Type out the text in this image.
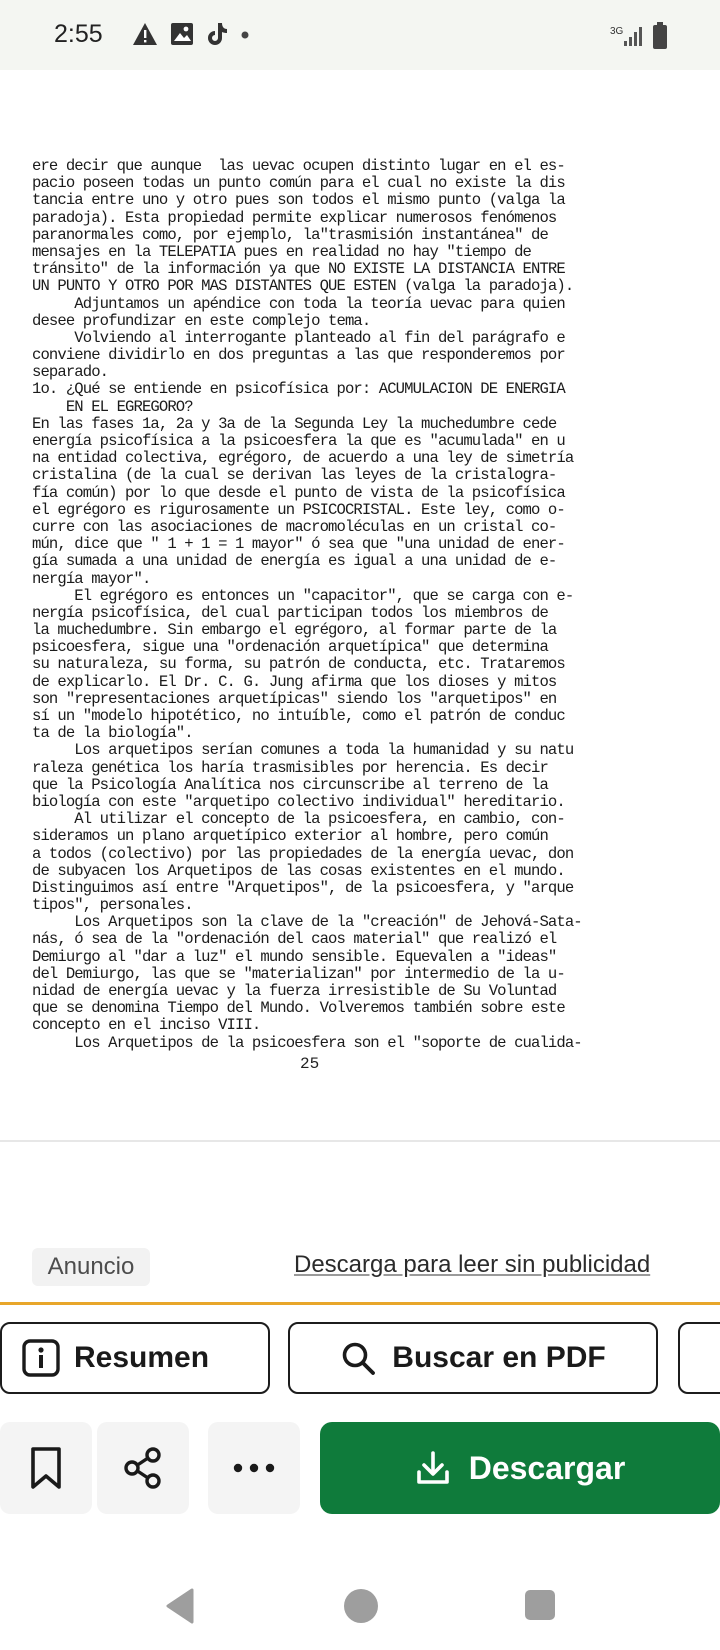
2:55	3G
ere decir que aunque  las uevac ocupen distinto lugar en el es-
pacio poseen todas un punto común para el cual no existe la dis
tancia entre uno y otro pues son todos el mismo punto (valga la
paradoja). Esta propiedad permite explicar numerosos fenómenos
paranormales como, por ejemplo, la"trasmisión instantánea" de
mensajes en la TELEPATIA pues en realidad no hay "tiempo de
tránsito" de la información ya que NO EXISTE LA DISTANCIA ENTRE
UN PUNTO Y OTRO POR MAS DISTANTES QUE ESTEN (valga la paradoja).
Adjuntamos un apéndice con toda la teoría uevac para quien
desee profundizar en este complejo tema.
Volviendo al interrogante planteado al fin del parágrafo e
conviene dividirlo en dos preguntas a las que responderemos por
separado.
1o. ¿Qué se entiende en psicofísica por: ACUMULACION DE ENERGIA
EN EL EGREGORO?
En las fases 1a, 2a y 3a de la Segunda Ley la muchedumbre cede
energía psicofísica a la psicoesfera la que es "acumulada" en u
na entidad colectiva, egrégoro, de acuerdo a una ley de simetría
cristalina (de la cual se derivan las leyes de la cristalogra-
fía común) por lo que desde el punto de vista de la psicofísica
el egrégoro es rigurosamente un PSICOCRISTAL. Este ley, como o-
curre con las asociaciones de macromoléculas en un cristal co-
mún, dice que " 1 + 1 = 1 mayor" ó sea que "una unidad de ener-
gía sumada a una unidad de energía es igual a una unidad de e-
nergía mayor".
El egrégoro es entonces un "capacitor", que se carga con e-
nergía psicofísica, del cual participan todos los miembros de
la muchedumbre. Sin embargo el egrégoro, al formar parte de la
psicoesfera, sigue una "ordenación arquetípica" que determina
su naturaleza, su forma, su patrón de conducta, etc. Trataremos
de explicarlo. El Dr. C. G. Jung afirma que los dioses y mitos
son "representaciones arquetípicas" siendo los "arquetipos" en
sí un "modelo hipotético, no intuíble, como el patrón de conduc
ta de la biología".
Los arquetipos serían comunes a toda la humanidad y su natu
raleza genética los haría trasmisibles por herencia. Es decir
que la Psicología Analítica nos circunscribe al terreno de la
biología con este "arquetipo colectivo individual" hereditario.
Al utilizar el concepto de la psicoesfera, en cambio, con-
sideramos un plano arquetípico exterior al hombre, pero común
a todos (colectivo) por las propiedades de la energía uevac, don
de subyacen los Arquetipos de las cosas existentes en el mundo.
Distinguimos así entre "Arquetipos", de la psicoesfera, y "arque
tipos", personales.
Los Arquetipos son la clave de la "creación" de Jehová-Sata-
nás, ó sea de la "ordenación del caos material" que realizó el
Demiurgo al "dar a luz" el mundo sensible. Equevalen a "ideas"
del Demiurgo, las que se "materializan" por intermedio de la u-
nidad de energía uevac y la fuerza irresistible de Su Voluntad
que se denomina Tiempo del Mundo. Volveremos también sobre este
concepto en el inciso VIII.
Los Arquetipos de la psicoesfera son el "soporte de cualida-
25
Anuncio	Descarga para leer sin publicidad
Resumen	Buscar en PDF
Descargar
